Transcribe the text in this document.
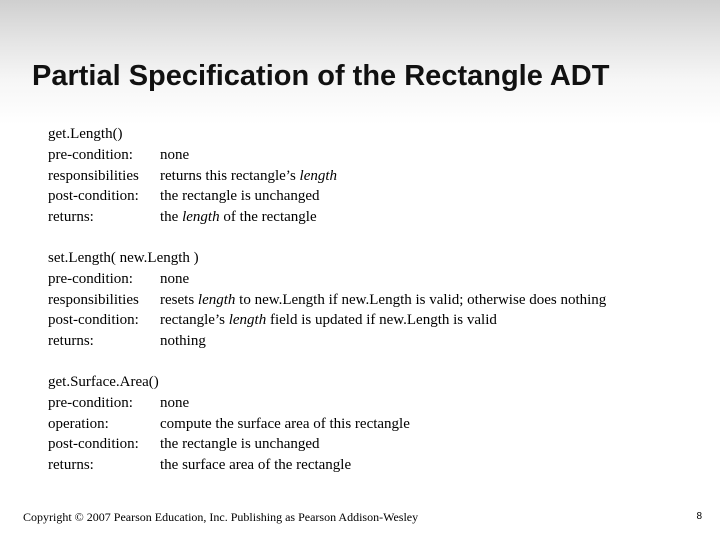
Partial Specification of the Rectangle ADT
get.Length()
pre-condition:	none
responsibilities	returns this rectangle’s length
post-condition:	the rectangle is unchanged
returns:	the length of the rectangle
set.Length( new.Length )
pre-condition:	none
responsibilities	resets length to new.Length if new.Length is valid; otherwise does nothing
post-condition:	rectangle’s length field is updated if new.Length is valid
returns:	nothing
get.Surface.Area()
pre-condition:	none
operation:	compute the surface area of this rectangle
post-condition:	the rectangle is unchanged
returns:	the surface area of the rectangle
Copyright © 2007 Pearson Education, Inc. Publishing as Pearson Addison-Wesley	8
